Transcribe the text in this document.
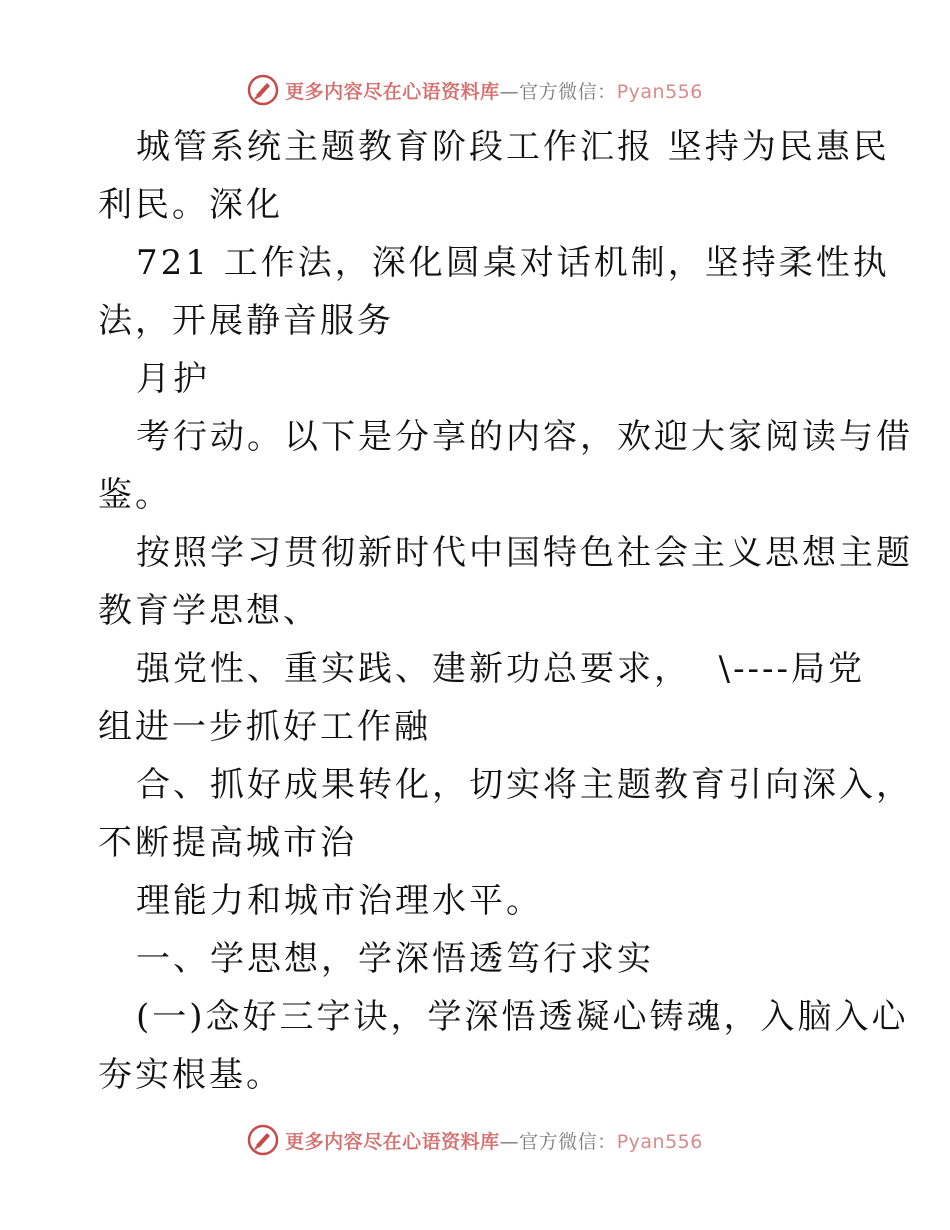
更多内容尽在心语资料库—官方微信：Pyan556
城管系统主题教育阶段工作汇报 坚持为民惠民
利民。深化
721 工作法，深化圆桌对话机制，坚持柔性执
法，开展静音服务
月护
考行动。以下是分享的内容，欢迎大家阅读与借
鉴。
按照学习贯彻新时代中国特色社会主义思想主题
教育学思想、
强党性、重实践、建新功总要求，  \----局党
组进一步抓好工作融
合、抓好成果转化，切实将主题教育引向深入，
不断提高城市治
理能力和城市治理水平。
一、学思想，学深悟透笃行求实
(一)念好三字诀，学深悟透凝心铸魂，入脑入心
夯实根基。
更多内容尽在心语资料库—官方微信：Pyan556
